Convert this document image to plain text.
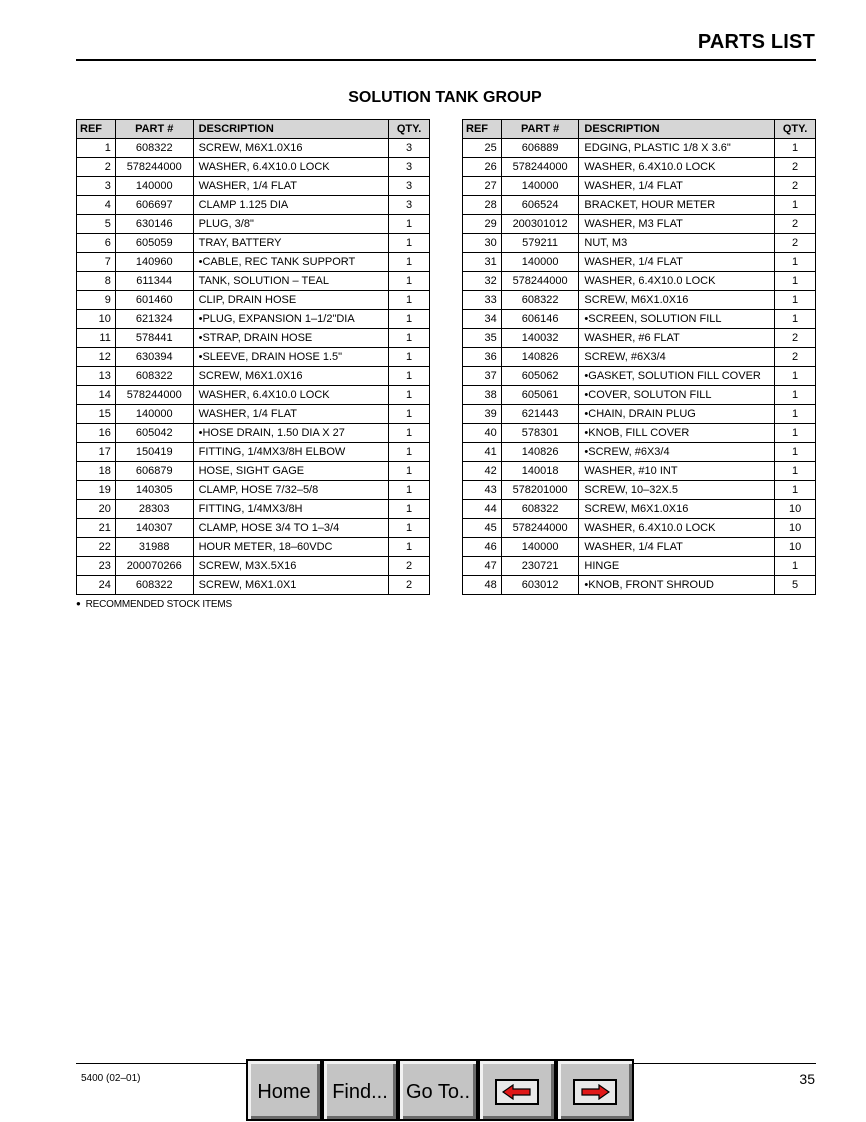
PARTS LIST
SOLUTION TANK GROUP
REF	PART #	DESCRIPTION	QTY.
1	608322	SCREW, M6X1.0X16	3
2	578244000	WASHER, 6.4X10.0 LOCK	3
3	140000	WASHER, 1/4 FLAT	3
4	606697	CLAMP 1.125 DIA	3
5	630146	PLUG, 3/8"	1
6	605059	TRAY, BATTERY	1
7	140960	•CABLE, REC TANK SUPPORT	1
8	611344	TANK, SOLUTION – TEAL	1
9	601460	CLIP, DRAIN HOSE	1
10	621324	•PLUG, EXPANSION 1–1/2"DIA	1
11	578441	•STRAP, DRAIN HOSE	1
12	630394	•SLEEVE, DRAIN HOSE 1.5"	1
13	608322	SCREW, M6X1.0X16	1
14	578244000	WASHER, 6.4X10.0 LOCK	1
15	140000	WASHER, 1/4 FLAT	1
16	605042	•HOSE DRAIN, 1.50 DIA X 27	1
17	150419	FITTING, 1/4MX3/8H ELBOW	1
18	606879	HOSE, SIGHT GAGE	1
19	140305	CLAMP, HOSE 7/32–5/8	1
20	28303	FITTING, 1/4MX3/8H	1
21	140307	CLAMP, HOSE 3/4 TO 1–3/4	1
22	31988	HOUR METER, 18–60VDC	1
23	200070266	SCREW, M3X.5X16	2
24	608322	SCREW, M6X1.0X1	2
REF	PART #	DESCRIPTION	QTY.
25	606889	EDGING, PLASTIC 1/8 X 3.6"	1
26	578244000	WASHER, 6.4X10.0 LOCK	2
27	140000	WASHER, 1/4 FLAT	2
28	606524	BRACKET, HOUR METER	1
29	200301012	WASHER, M3 FLAT	2
30	579211	NUT, M3	2
31	140000	WASHER, 1/4 FLAT	1
32	578244000	WASHER, 6.4X10.0 LOCK	1
33	608322	SCREW, M6X1.0X16	1
34	606146	•SCREEN, SOLUTION FILL	1
35	140032	WASHER, #6 FLAT	2
36	140826	SCREW, #6X3/4	2
37	605062	•GASKET, SOLUTION FILL COVER	1
38	605061	•COVER, SOLUTON FILL	1
39	621443	•CHAIN, DRAIN PLUG	1
40	578301	•KNOB, FILL COVER	1
41	140826	•SCREW, #6X3/4	1
42	140018	WASHER, #10 INT	1
43	578201000	SCREW, 10–32X.5	1
44	608322	SCREW, M6X1.0X16	10
45	578244000	WASHER, 6.4X10.0 LOCK	10
46	140000	WASHER, 1/4 FLAT	10
47	230721	HINGE	1
48	603012	•KNOB, FRONT SHROUD	5
● RECOMMENDED STOCK ITEMS
5400 (02–01)	35
Home Find... Go To..
